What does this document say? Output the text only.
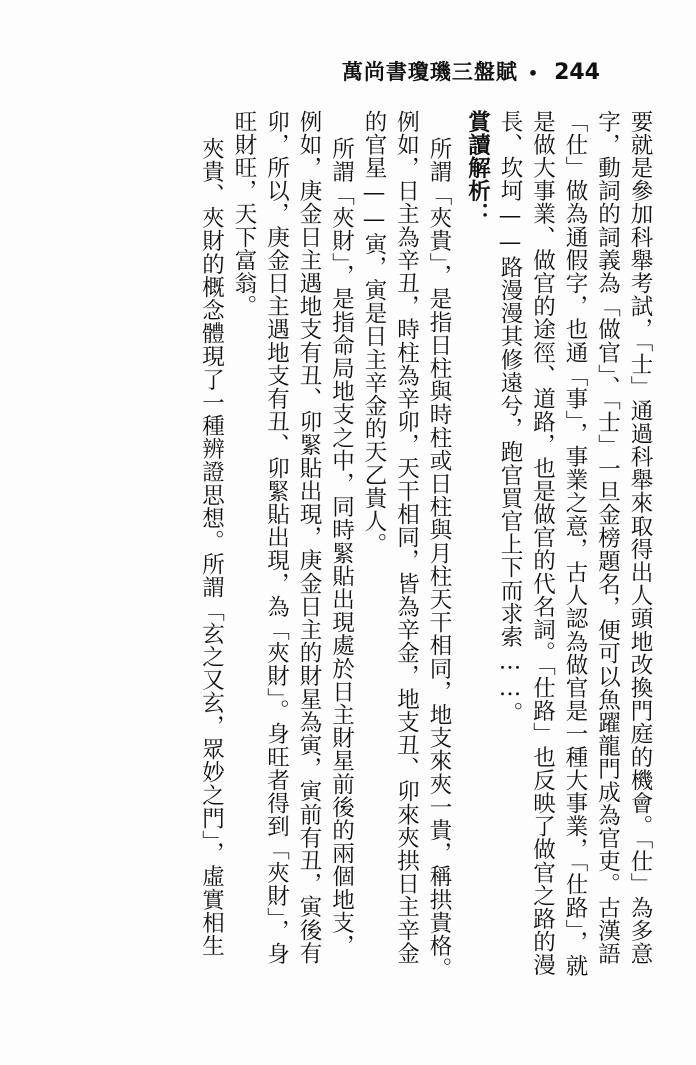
萬尚書瓊璣三盤賦 • 244

要就是參加科舉考試，「士」通過科舉來取得出人頭地改換門庭的機會。「仕」為多意

字，動詞的詞義為「做官」、「士」一旦金榜題名，便可以魚躍龍門成為官吏。古漢語

「仕」做為通假字，也通「事」，事業之意，古人認為做官是一種大事業，「仕路」，就

是做大事業、做官的途徑、道路，也是做官的代名詞。「仕路」也反映了做官之路的漫

長、坎坷——路漫漫其修遠兮，跑官買官上下而求索……。

賞讀解析：

所謂「夾貴」，是指日柱與時柱或日柱與月柱天干相同，地支來夾一貴，稱拱貴格。

例如，日主為辛丑，時柱為辛卯，天干相同，皆為辛金，地支丑、卯來夾拱日主辛金

的官星——寅，寅是日主辛金的天乙貴人。

所謂「夾財」，是指命局地支之中，同時緊貼出現處於日主財星前後的兩個地支，

例如，庚金日主遇地支有丑、卯緊貼出現，庚金日主的財星為寅，寅前有丑，寅後有

卯，所以，庚金日主遇地支有丑、卯緊貼出現，為「夾財」。身旺者得到「夾財」，身

旺財旺，天下富翁。

夾貴、夾財的概念體現了一種辨證思想。所謂「玄之又玄，眾妙之門」，虛實相生
